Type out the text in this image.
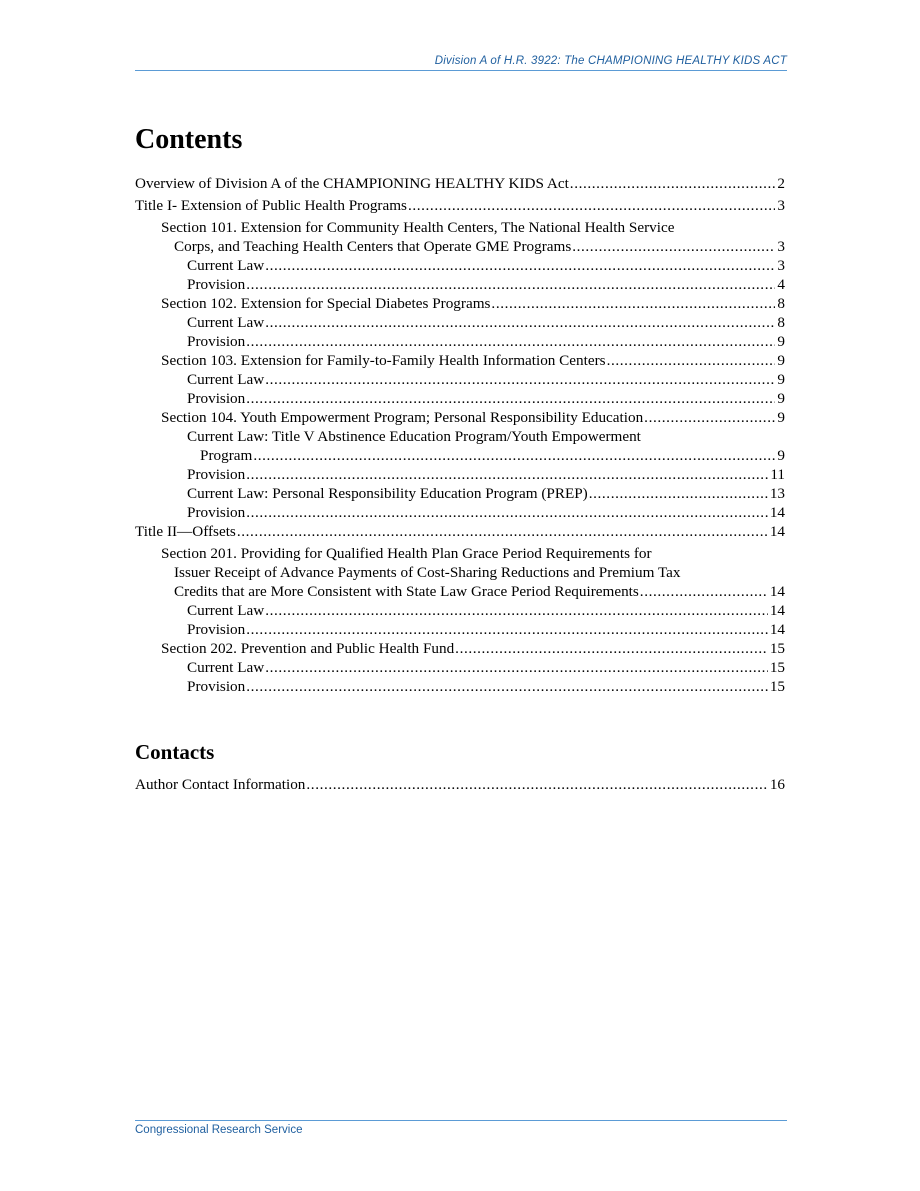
Division A of H.R. 3922: The CHAMPIONING HEALTHY KIDS ACT
Contents
Overview of Division A of the CHAMPIONING HEALTHY KIDS Act . . .	2
Title I- Extension of Public Health Programs . . .	3
Section 101. Extension for Community Health Centers, The National Health Service
Corps, and Teaching Health Centers that Operate GME Programs . . .	3
Current Law . . .	3
Provision . . .	4
Section 102. Extension for Special Diabetes Programs . . .	8
Current Law . . .	8
Provision . . .	9
Section 103. Extension for Family-to-Family Health Information Centers . . .	9
Current Law . . .	9
Provision . . .	9
Section 104. Youth Empowerment Program; Personal Responsibility Education . . .	9
Current Law: Title V Abstinence Education Program/Youth Empowerment
Program . . .	9
Provision . . .	11
Current Law: Personal Responsibility Education Program (PREP) . . .	13
Provision . . .	14
Title II—Offsets . . .	14
Section 201. Providing for Qualified Health Plan Grace Period Requirements for
Issuer Receipt of Advance Payments of Cost-Sharing Reductions and Premium Tax
Credits that are More Consistent with State Law Grace Period Requirements . . .	14
Current Law . . .	14
Provision . . .	14
Section 202. Prevention and Public Health Fund . . .	15
Current Law . . .	15
Provision . . .	15
Contacts
Author Contact Information . . .	16
Congressional Research Service
